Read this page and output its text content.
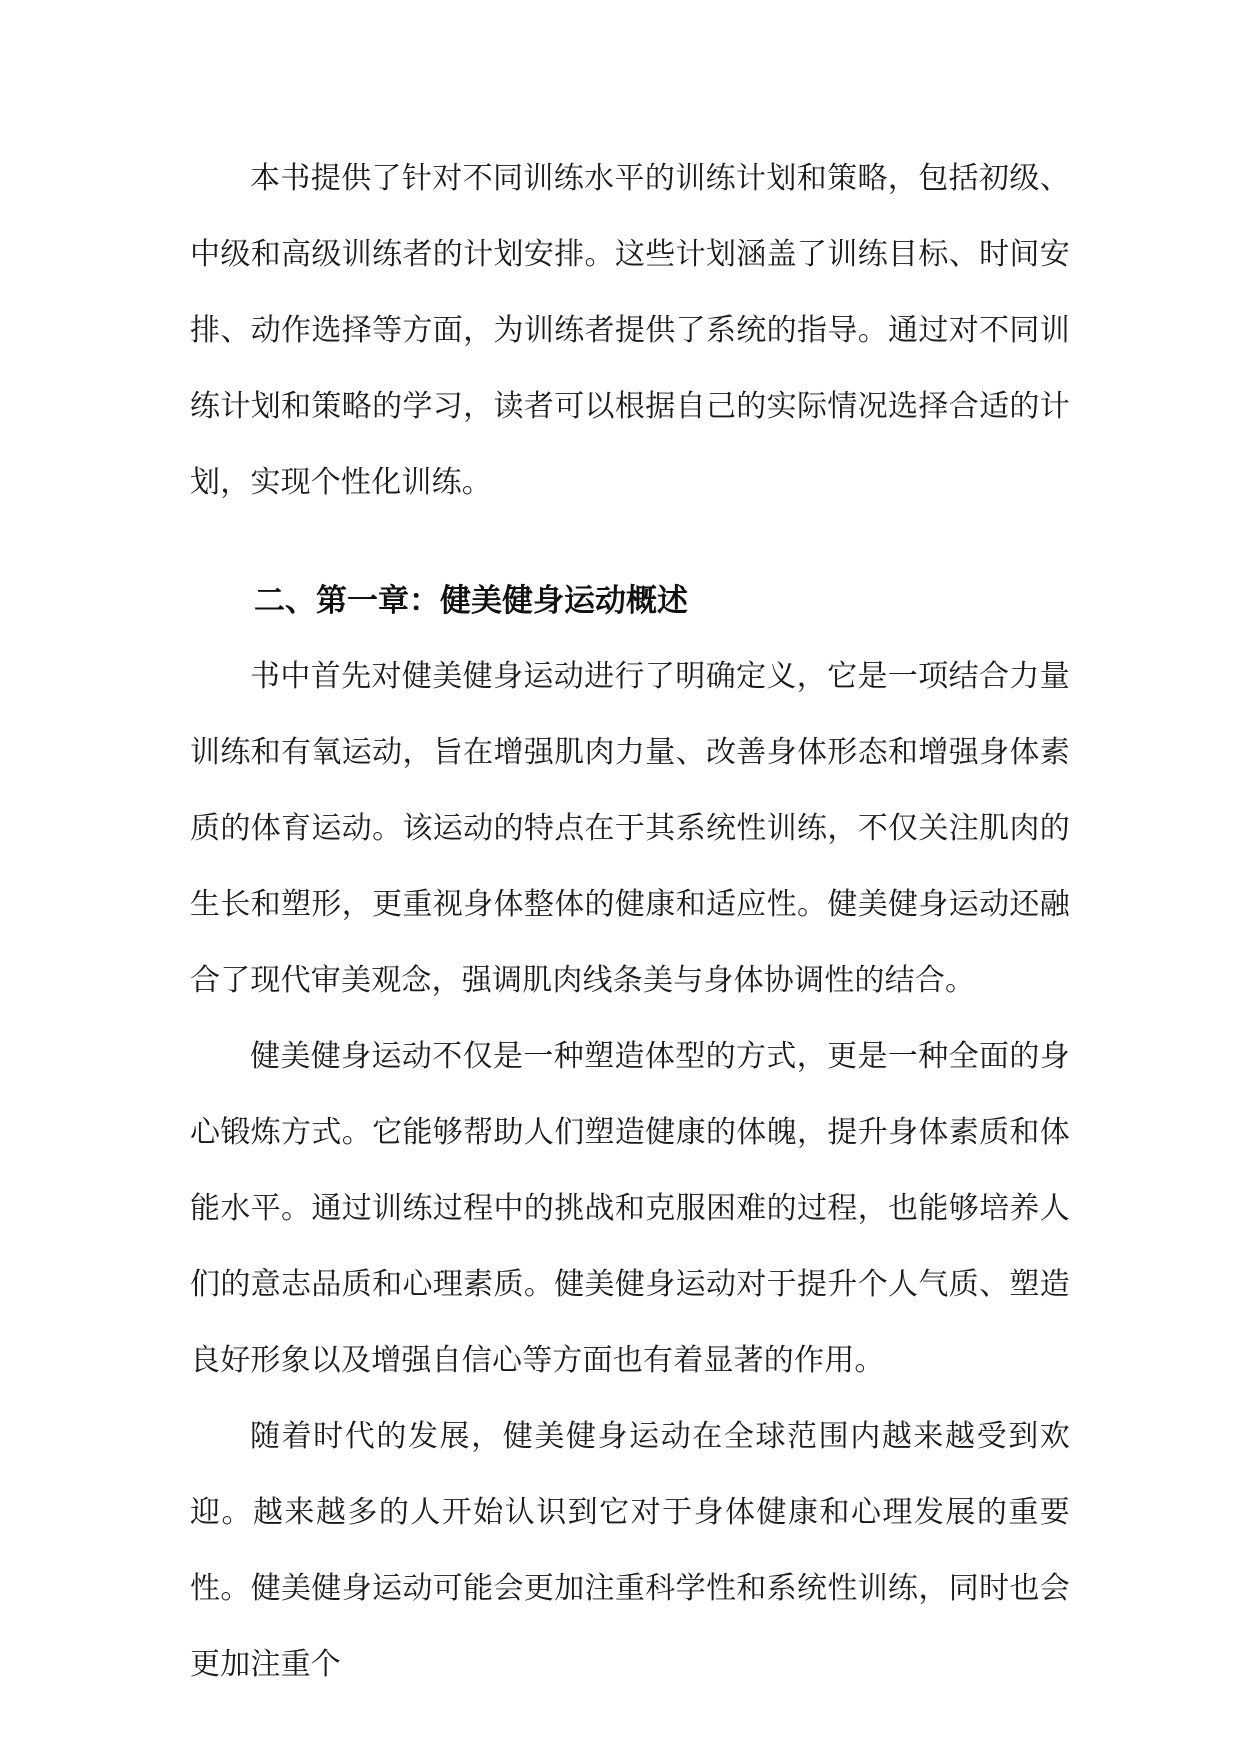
本书提供了针对不同训练水平的训练计划和策略，包括初级、中级和高级训练者的计划安排。这些计划涵盖了训练目标、时间安排、动作选择等方面，为训练者提供了系统的指导。通过对不同训练计划和策略的学习，读者可以根据自己的实际情况选择合适的计划，实现个性化训练。

二、第一章：健美健身运动概述

书中首先对健美健身运动进行了明确定义，它是一项结合力量训练和有氧运动，旨在增强肌肉力量、改善身体形态和增强身体素质的体育运动。该运动的特点在于其系统性训练，不仅关注肌肉的生长和塑形，更重视身体整体的健康和适应性。健美健身运动还融合了现代审美观念，强调肌肉线条美与身体协调性的结合。

健美健身运动不仅是一种塑造体型的方式，更是一种全面的身心锻炼方式。它能够帮助人们塑造健康的体魄，提升身体素质和体能水平。通过训练过程中的挑战和克服困难的过程，也能够培养人们的意志品质和心理素质。健美健身运动对于提升个人气质、塑造良好形象以及增强自信心等方面也有着显著的作用。

随着时代的发展，健美健身运动在全球范围内越来越受到欢迎。越来越多的人开始认识到它对于身体健康和心理发展的重要性。健美健身运动可能会更加注重科学性和系统性训练，同时也会更加注重个
